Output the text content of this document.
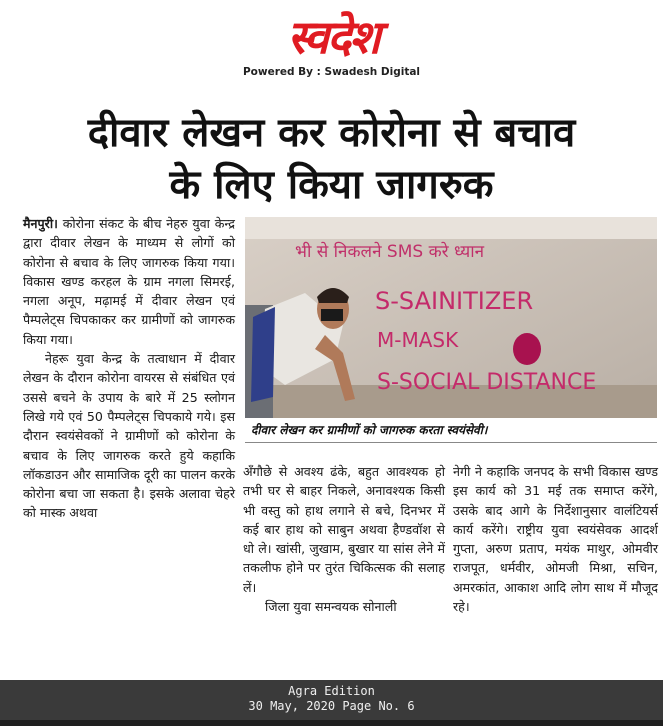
स्वदेश
Powered By : Swadesh Digital
दीवार लेखन कर कोरोना से बचाव
के लिए किया जागरुक

मैनपुरी। कोरोना संकट के बीच नेहरु युवा केन्द्र द्वारा दीवार लेखन के माध्यम से लोगों को कोरोना से बचाव के लिए जागरुक किया गया। विकास खण्ड करहल के ग्राम नगला सिमरई, नगला अनूप, मढ़ामई में दीवार लेखन एवं पैम्पलेट्स चिपकाकर कर ग्रामीणों को जागरुक किया गया।

नेहरू युवा केन्द्र के तत्वाधान में दीवार लेखन के दौरान कोरोना वायरस से संबंधित एवं उससे बचने के उपाय के बारे में 25 स्लोगन लिखे गये एवं 50 पैम्पलेट्स चिपकाये गये। इस दौरान स्वयंसेवकों ने ग्रामीणों को कोरोना के बचाव के लिए जागरुक करते हुये कहाकि लॉकडाउन और सामाजिक दूरी का पालन करके कोरोना बचा जा सकता है। इसके अलावा चेहरे को मास्क अथवा

भी से निकलने SMS करे ध्यान
S-SAINITIZER
M-MASK
S-SOCIAL DISTANCE
दीवार लेखन कर ग्रामीणों को जागरुक करता स्वयंसेवी।

अँगौछे से अवश्य ढंके, बहुत आवश्यक हो तभी घर से बाहर निकले, अनावश्यक किसी भी वस्तु को हाथ लगाने से बचे, दिनभर में कई बार हाथ को साबुन अथवा हैण्डवॉश से धो ले। खांसी, जुखाम, बुखार या सांस लेने में तकलीफ होने पर तुरंत चिकित्सक की सलाह लें।

जिला युवा समन्वयक सोनाली

नेगी ने कहाकि जनपद के सभी विकास खण्ड इस कार्य को 31 मई तक समाप्त करेंगे, उसके बाद आगे के निर्देशानुसार वालंटियर्स कार्य करेंगे। राष्ट्रीय युवा स्वयंसेवक आदर्श गुप्ता, अरुण प्रताप, मयंक माथुर, ओमवीर राजपूत, धर्मवीर, ओमजी मिश्रा, सचिन, अमरकांत, आकाश आदि लोग साथ में मौजूद रहे।

Agra Edition
30 May, 2020 Page No. 6
